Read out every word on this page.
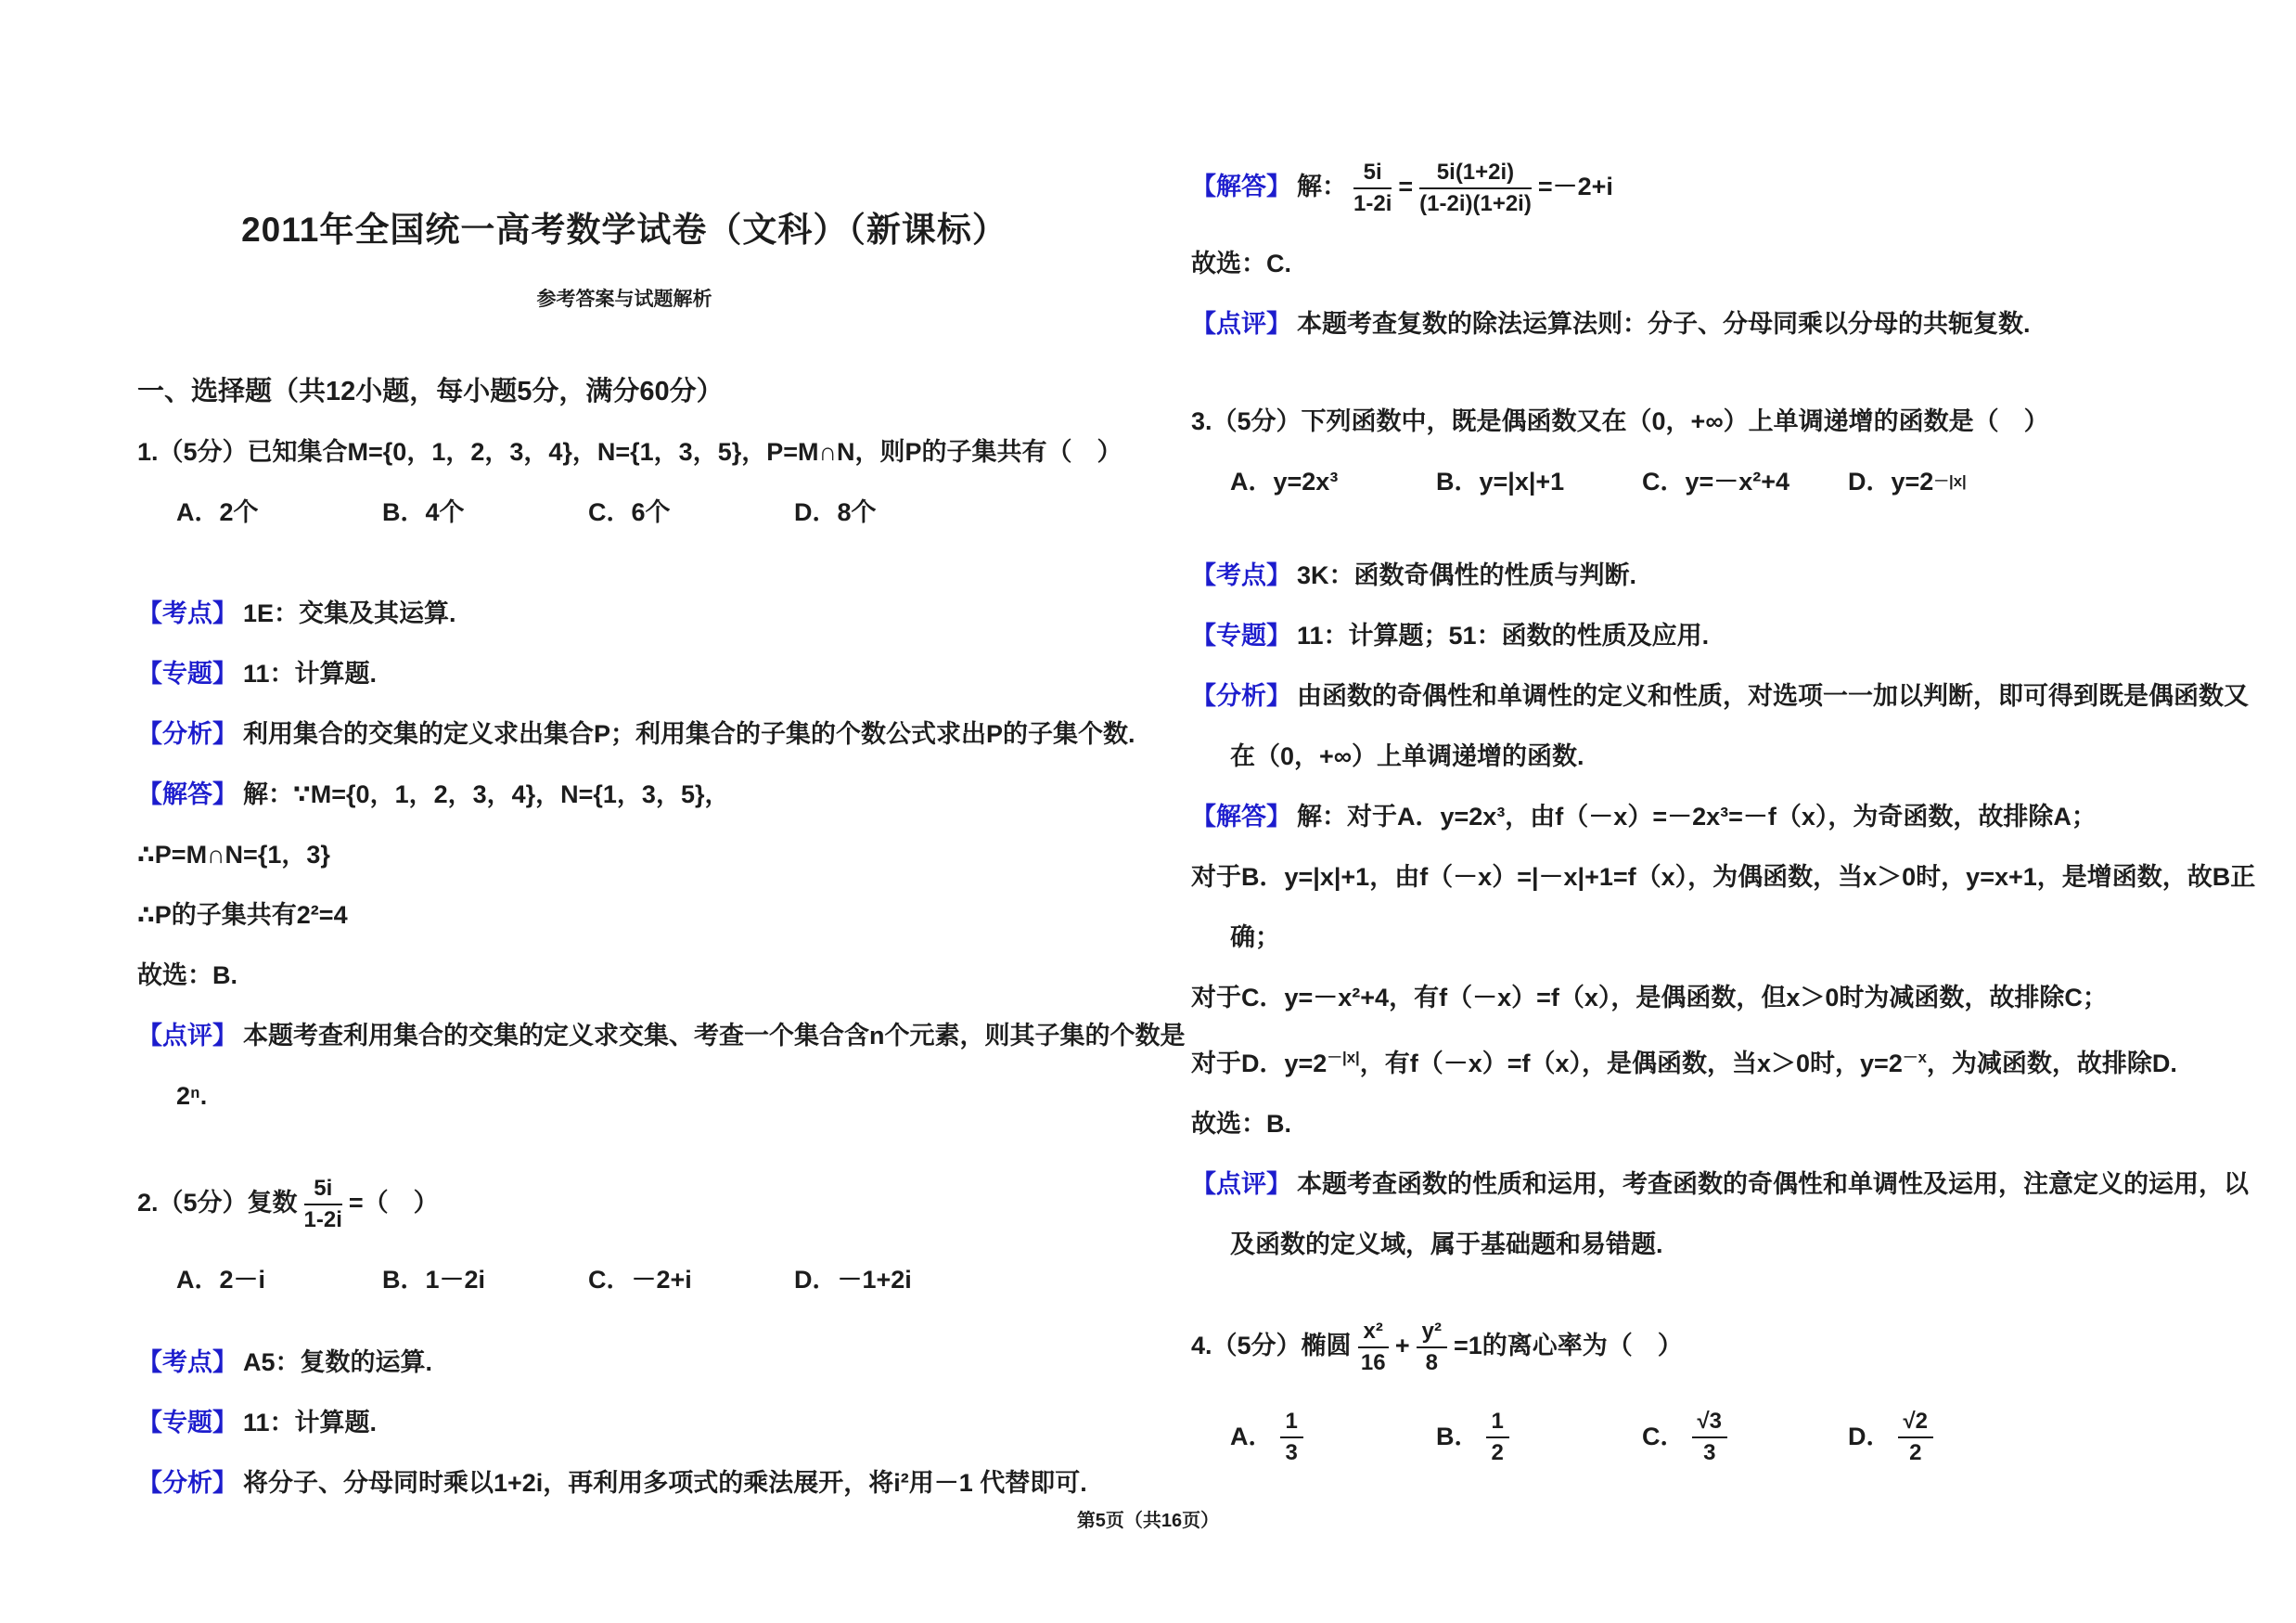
2011年全国统一高考数学试卷（文科）（新课标）
参考答案与试题解析
一、选择题（共12小题，每小题5分，满分60分）
1.（5分）已知集合M={0，1，2，3，4}，N={1，3，5}，P=M∩N，则P的子集共有（　）
A．2个	B．4个	C．6个	D．8个
【考点】 1E：交集及其运算.
【专题】 11：计算题.
【分析】 利用集合的交集的定义求出集合P；利用集合的子集的个数公式求出P的子集个数.
【解答】 解：∵M={0，1，2，3，4}，N={1，3，5}，
∴P=M∩N={1，3}
∴P的子集共有2²=4
故选：B.
【点评】 本题考查利用集合的交集的定义求交集、考查一个集合含n个元素，则其子集的个数是
2ⁿ.
2.（5分）复数 $\frac{5i}{1-2i}$ =（　）
A．2－i	B．1－2i	C．－2+i	D．－1+2i
【考点】 A5：复数的运算.
【专题】 11：计算题.
【分析】 将分子、分母同时乘以1+2i，再利用多项式的乘法展开，将i²用－1 代替即可.
【解答】 解： $\frac{5i}{1-2i} = \frac{5i(1+2i)}{(1-2i)(1+2i)} =-2+i$
故选：C.
【点评】 本题考查复数的除法运算法则：分子、分母同乘以分母的共轭复数.
3.（5分）下列函数中，既是偶函数又在（0，+∞）上单调递增的函数是（　）
A．y=2x³	B．y=|x|+1	C．y=－x²+4 D．y=2 －|x|
【考点】 3K：函数奇偶性的性质与判断.
【专题】 11：计算题；51：函数的性质及应用.
【分析】 由函数的奇偶性和单调性的定义和性质，对选项一一加以判断，即可得到既是偶函数又
在（0，+∞）上单调递增的函数.
【解答】 解：对于A．y=2x³，由f（－x）=－2x³=－f（x），为奇函数，故排除A；
对于B．y=|x|+1，由f（－x）=|－x|+1=f（x），为偶函数，当x＞0时，y=x+1，是增函数，故B正
确；
对于C．y=－x²+4，有f（－x）=f（x），是偶函数，但x＞0时为减函数，故排除C；
对于D．$y=2^{-|x|}$，有f（－x）=f（x），是偶函数，当x＞0时，$y=2^{-x}$，为减函数，故排除D.
故选：B.
【点评】 本题考查函数的性质和运用，考查函数的奇偶性和单调性及运用，注意定义的运用，以
及函数的定义域，属于基础题和易错题.
4.（5分）椭圆 $\frac{\text{x²}}{16} + \frac{\text{y²}}{8} =1$的离心率为（　）
A． $\frac{1}{3}$	B． $\frac{1}{2}$	C． $\frac{√3}{3}$	D． $\frac{√2}{2}$
第5页（共16页）
